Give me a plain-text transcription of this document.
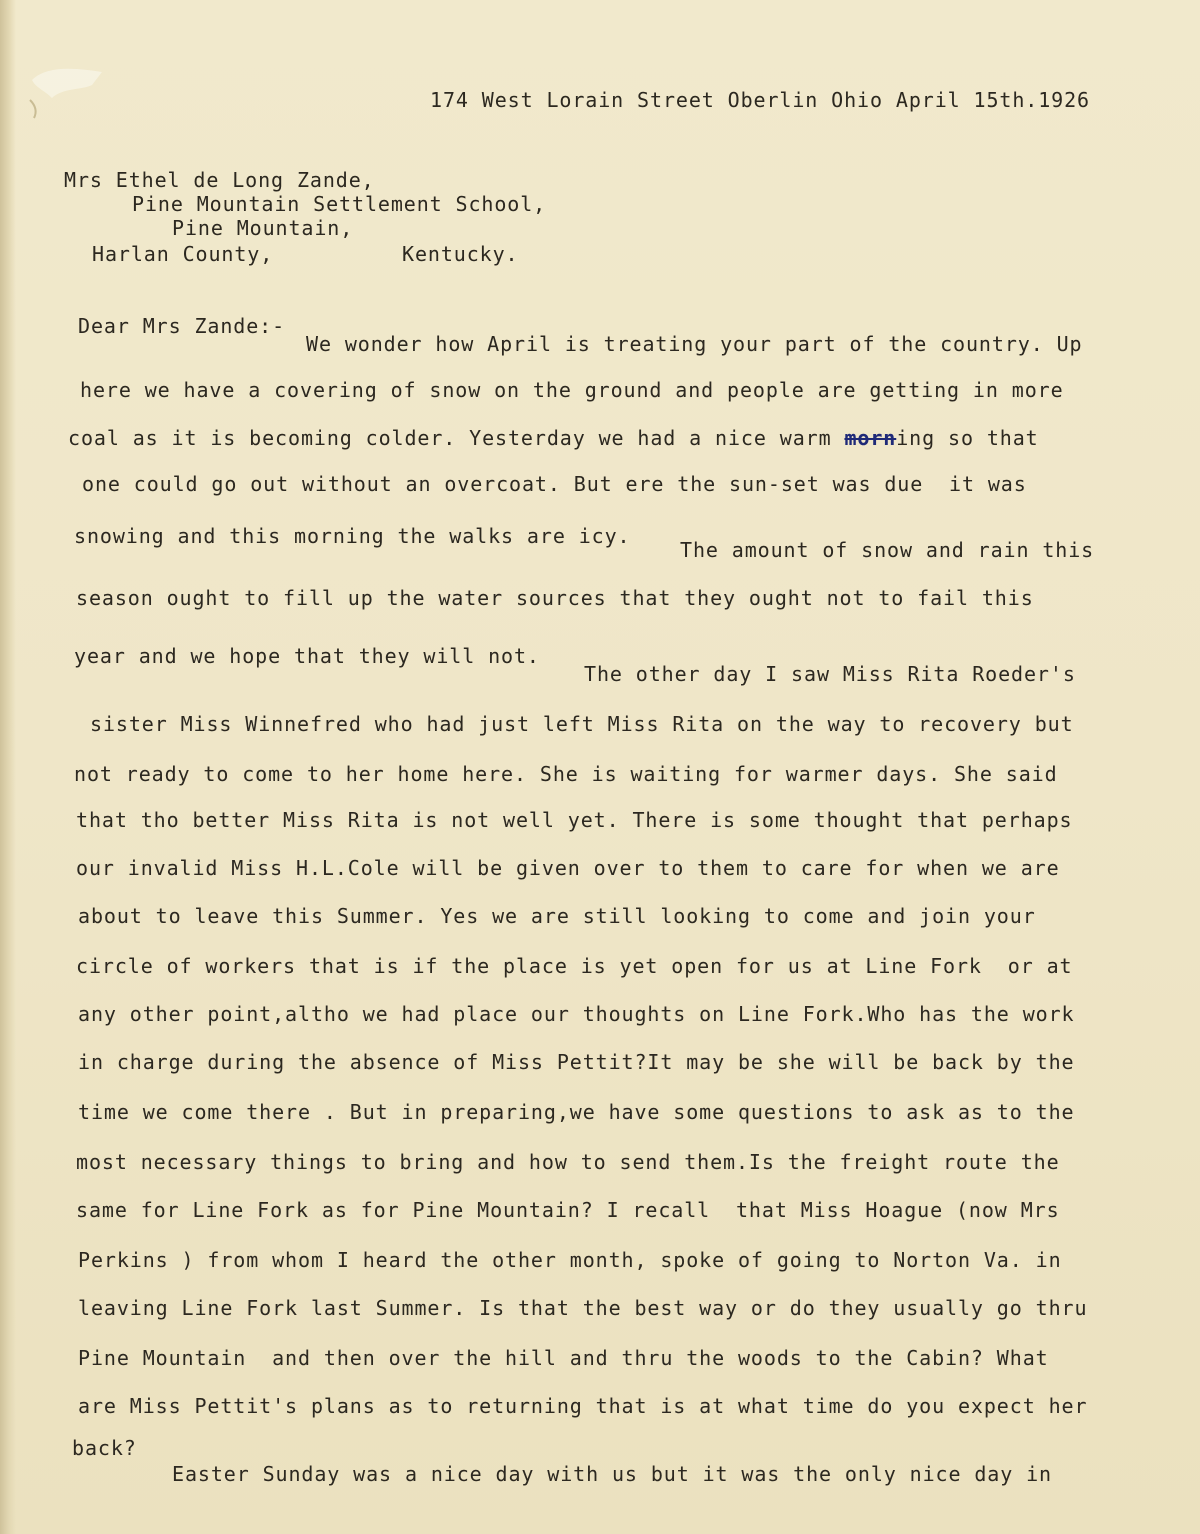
174 West Lorain Street Oberlin Ohio April 15th.1926
Mrs Ethel de Long Zande,
Pine Mountain Settlement School,
Pine Mountain,
Harlan County,	Kentucky.
Dear Mrs Zande:-
We wonder how April is treating your part of the country. Up
here we have a covering of snow on the ground and people are getting in more
coal as it is becoming colder. Yesterday we had a nice warm morning so that
one could go out without an overcoat. But ere the sun-set was due  it was
snowing and this morning the walks are icy.
The amount of snow and rain this
season ought to fill up the water sources that they ought not to fail this
year and we hope that they will not.
The other day I saw Miss Rita Roeder's
sister Miss Winnefred who had just left Miss Rita on the way to recovery but
not ready to come to her home here. She is waiting for warmer days. She said
that tho better Miss Rita is not well yet. There is some thought that perhaps
our invalid Miss H.L.Cole will be given over to them to care for when we are
about to leave this Summer. Yes we are still looking to come and join your
circle of workers that is if the place is yet open for us at Line Fork  or at
any other point,altho we had place our thoughts on Line Fork.Who has the work
in charge during the absence of Miss Pettit?It may be she will be back by the
time we come there . But in preparing,we have some questions to ask as to the
most necessary things to bring and how to send them.Is the freight route the
same for Line Fork as for Pine Mountain? I recall  that Miss Hoague (now Mrs
Perkins ) from whom I heard the other month, spoke of going to Norton Va. in
leaving Line Fork last Summer. Is that the best way or do they usually go thru
Pine Mountain  and then over the hill and thru the woods to the Cabin? What
are Miss Pettit's plans as to returning that is at what time do you expect her
back?
Easter Sunday was a nice day with us but it was the only nice day in
